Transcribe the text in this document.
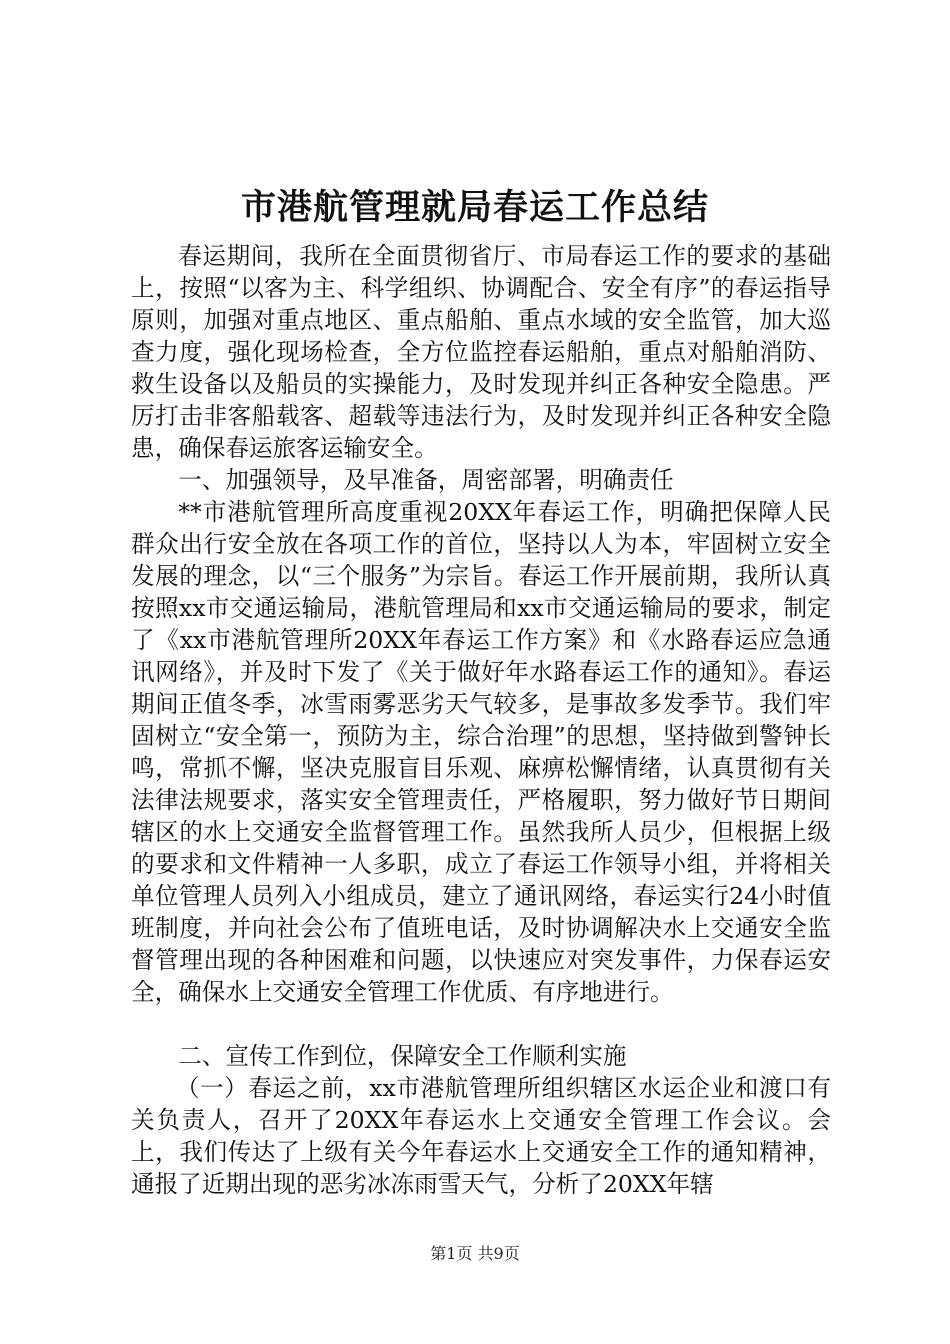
市港航管理就局春运工作总结

春运期间，我所在全面贯彻省厅、市局春运工作的要求的基础上，按照“以客为主、科学组织、协调配合、安全有序”的春运指导原则，加强对重点地区、重点船舶、重点水域的安全监管，加大巡查力度，强化现场检查，全方位监控春运船舶，重点对船舶消防、救生设备以及船员的实操能力，及时发现并纠正各种安全隐患。严厉打击非客船载客、超载等违法行为，及时发现并纠正各种安全隐患，确保春运旅客运输安全。

一、加强领导，及早准备，周密部署，明确责任

**市港航管理所高度重视20XX年春运工作，明确把保障人民群众出行安全放在各项工作的首位，坚持以人为本，牢固树立安全发展的理念，以“三个服务”为宗旨。春运工作开展前期，我所认真按照xx市交通运输局，港航管理局和xx市交通运输局的要求，制定了《xx市港航管理所20XX年春运工作方案》和《水路春运应急通讯网络》，并及时下发了《关于做好年水路春运工作的通知》。春运期间正值冬季，冰雪雨雾恶劣天气较多，是事故多发季节。我们牢固树立“安全第一，预防为主，综合治理”的思想，坚持做到警钟长鸣，常抓不懈，坚决克服盲目乐观、麻痹松懈情绪，认真贯彻有关法律法规要求，落实安全管理责任，严格履职，努力做好节日期间辖区的水上交通安全监督管理工作。虽然我所人员少，但根据上级的要求和文件精神一人多职，成立了春运工作领导小组，并将相关单位管理人员列入小组成员，建立了通讯网络，春运实行24小时值班制度，并向社会公布了值班电话，及时协调解决水上交通安全监督管理出现的各种困难和问题，以快速应对突发事件，力保春运安全，确保水上交通安全管理工作优质、有序地进行。

二、宣传工作到位，保障安全工作顺利实施

（一）春运之前，xx市港航管理所组织辖区水运企业和渡口有关负责人，召开了20XX年春运水上交通安全管理工作会议。会上，我们传达了上级有关今年春运水上交通安全工作的通知精神，通报了近期出现的恶劣冰冻雨雪天气，分析了20XX年辖

第1页 共9页
